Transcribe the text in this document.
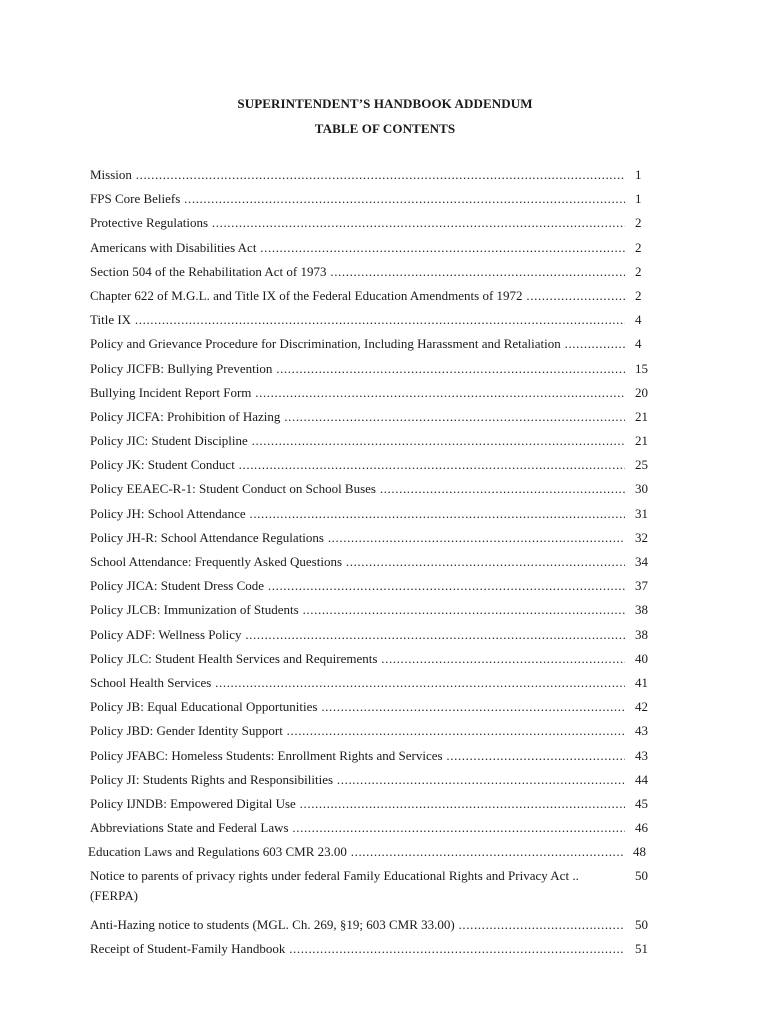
SUPERINTENDENT’S HANDBOOK ADDENDUM
TABLE OF CONTENTS
Mission .....	1
FPS Core Beliefs .....	1
Protective Regulations .....	2
Americans with Disabilities Act .....	2
Section 504 of the Rehabilitation Act of 1973 .....	2
Chapter 622 of M.G.L. and Title IX of the Federal Education Amendments of 1972 .....	2
Title IX .....	4
Policy and Grievance Procedure for Discrimination, Including Harassment and Retaliation .....	4
Policy JICFB: Bullying Prevention .....	15
Bullying Incident Report Form .....	20
Policy JICFA: Prohibition of Hazing .....	21
Policy JIC: Student Discipline .....	21
Policy JK: Student Conduct .....	25
Policy EEAEC-R-1: Student Conduct on School Buses .....	30
Policy JH: School Attendance .....	31
Policy JH-R: School Attendance Regulations .....	32
School Attendance: Frequently Asked Questions .....	34
Policy JICA: Student Dress Code .....	37
Policy JLCB: Immunization of Students .....	38
Policy ADF: Wellness Policy .....	38
Policy JLC: Student Health Services and Requirements .....	40
School Health Services .....	41
Policy JB: Equal Educational Opportunities .....	42
Policy JBD: Gender Identity Support .....	43
Policy JFABC: Homeless Students: Enrollment Rights and Services .....	43
Policy JI: Students Rights and Responsibilities .....	44
Policy IJNDB: Empowered Digital Use .....	45
Abbreviations State and Federal Laws .....	46
Education Laws and Regulations 603 CMR 23.00 .....	48
Notice to parents of privacy rights under federal Family Educational Rights and Privacy Act .. (FERPA)
50
Anti-Hazing notice to students (MGL. Ch. 269, §19; 603 CMR 33.00) .....	50
Receipt of Student-Family Handbook .....	51
